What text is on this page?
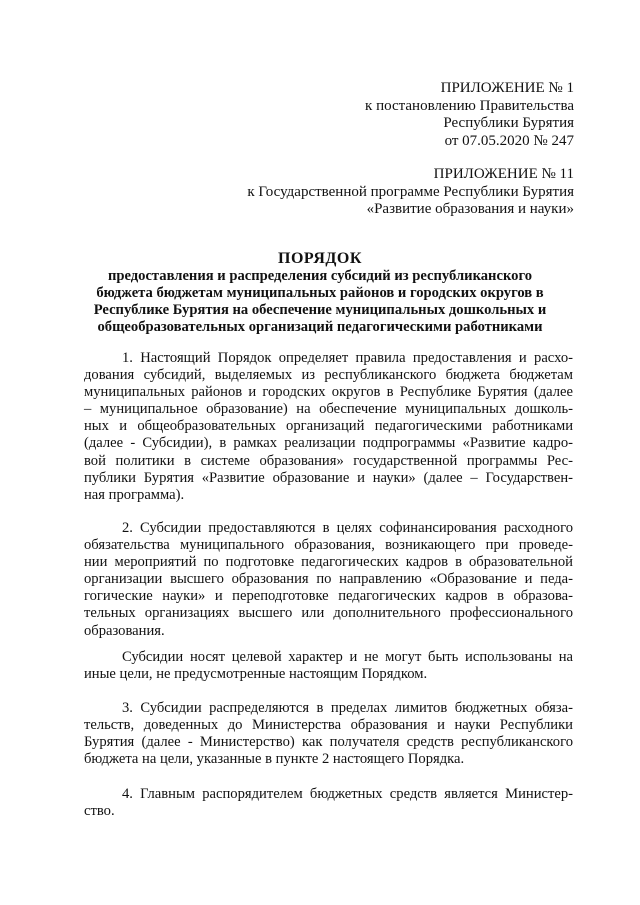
ПРИЛОЖЕНИЕ № 1
к постановлению Правительства
Республики Бурятия
от 07.05.2020 № 247
ПРИЛОЖЕНИЕ № 11
к Государственной программе Республики Бурятия
«Развитие образования и науки»
ПОРЯДОК
предоставления и распределения субсидий из республиканского
бюджета бюджетам муниципальных районов и городских округов в
Республике Бурятия на обеспечение муниципальных дошкольных и
общеобразовательных организаций педагогическими работниками
1. Настоящий Порядок определяет правила предоставления и расхо-
дования субсидий, выделяемых из республиканского бюджета бюджетам
муниципальных районов и городских округов в Республике Бурятия (далее
– муниципальное образование) на обеспечение муниципальных дошколь-
ных и общеобразовательных организаций педагогическими работниками
(далее - Субсидии), в рамках реализации подпрограммы «Развитие кадро-
вой политики в системе образования» государственной программы Рес-
публики Бурятия «Развитие образование и науки» (далее – Государствен-
ная программа).
2. Субсидии предоставляются в целях софинансирования расходного
обязательства муниципального образования, возникающего при проведе-
нии мероприятий по подготовке педагогических кадров в образовательной
организации высшего образования по направлению «Образование и педа-
гогические науки» и переподготовке педагогических кадров в образова-
тельных организациях высшего или дополнительного профессионального
образования.
Субсидии носят целевой характер и не могут быть использованы на
иные цели, не предусмотренные настоящим Порядком.
3. Субсидии распределяются в пределах лимитов бюджетных обяза-
тельств, доведенных до Министерства образования и науки Республики
Бурятия (далее - Министерство) как получателя средств республиканского
бюджета на цели, указанные в пункте 2 настоящего Порядка.
4. Главным распорядителем бюджетных средств является Министер-
ство.
